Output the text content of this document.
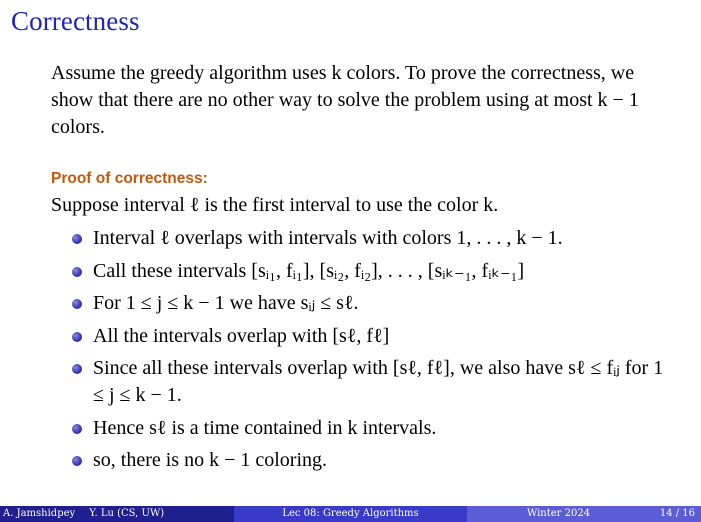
Correctness
Assume the greedy algorithm uses k colors. To prove the correctness, we show that there are no other way to solve the problem using at most k − 1 colors.
Proof of correctness:
Suppose interval ℓ is the first interval to use the color k.
Interval ℓ overlaps with intervals with colors 1, . . . , k − 1.
Call these intervals [sᵢ₁, fᵢ₁], [sᵢ₂, fᵢ₂], . . . , [sᵢₖ₋₁, fᵢₖ₋₁]
For 1 ≤ j ≤ k − 1 we have sᵢⱼ ≤ sℓ.
All the intervals overlap with [sℓ, fℓ]
Since all these intervals overlap with [sℓ, fℓ], we also have sℓ ≤ fᵢⱼ for 1 ≤ j ≤ k − 1.
Hence sℓ is a time contained in k intervals.
so, there is no k − 1 coloring.
A. Jamshidpey Y. Lu (CS, UW)	Lec 08: Greedy Algorithms	Winter 2024	14 / 16
